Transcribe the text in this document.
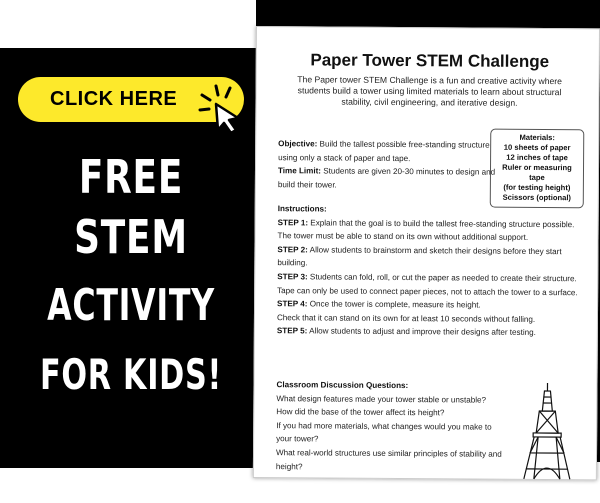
CLICK HERE
FREE
STEM
ACTIVITY
FOR KIDS!
Paper Tower STEM Challenge
The Paper tower STEM Challenge is a fun and creative activity where students build a tower using limited materials to learn about structural stability, civil engineering, and iterative design.
Materials:
10 sheets of paper
12 inches of tape
Ruler or measuring tape
(for testing height)
Scissors (optional)
Objective: Build the tallest possible free-standing structure using only a stack of paper and tape.
Time Limit: Students are given 20-30 minutes to design and build their tower.
Instructions:
STEP 1: Explain that the goal is to build the tallest free-standing structure possible. The tower must be able to stand on its own without additional support.
STEP 2: Allow students to brainstorm and sketch their designs before they start building.
STEP 3: Students can fold, roll, or cut the paper as needed to create their structure. Tape can only be used to connect paper pieces, not to attach the tower to a surface.
STEP 4: Once the tower is complete, measure its height.
Check that it can stand on its own for at least 10 seconds without falling.
STEP 5: Allow students to adjust and improve their designs after testing.
Classroom Discussion Questions:
What design features made your tower stable or unstable?
How did the base of the tower affect its height?
If you had more materials, what changes would you make to your tower?
What real-world structures use similar principles of stability and height?
